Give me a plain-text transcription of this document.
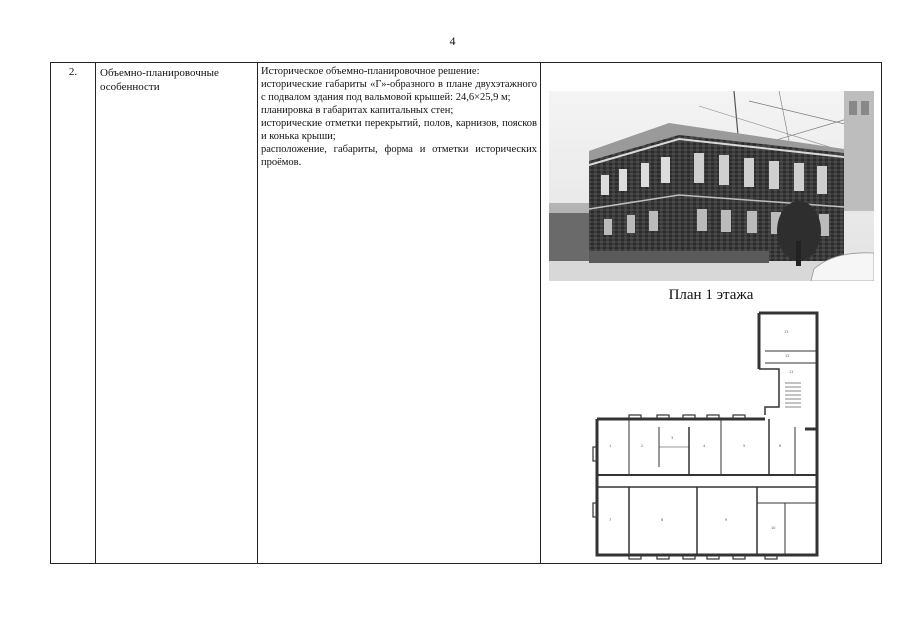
4
2.	Объемно-планировочные особенности	

Историческое объемно-планировочное решение:

исторические габариты «Г»-образного в плане двухэтажного с подвалом здания под вальмовой крышей: 24,6×25,9 м;

планировка в габаритах капитальных стен;

исторические отметки перекрытий, полов, карнизов, поясков и конька крыши;

расположение, габариты, форма и отметки исторических проёмов.

План 1 этажа
13
12
11
1	2
3
4	5	6
7	8	9
10
